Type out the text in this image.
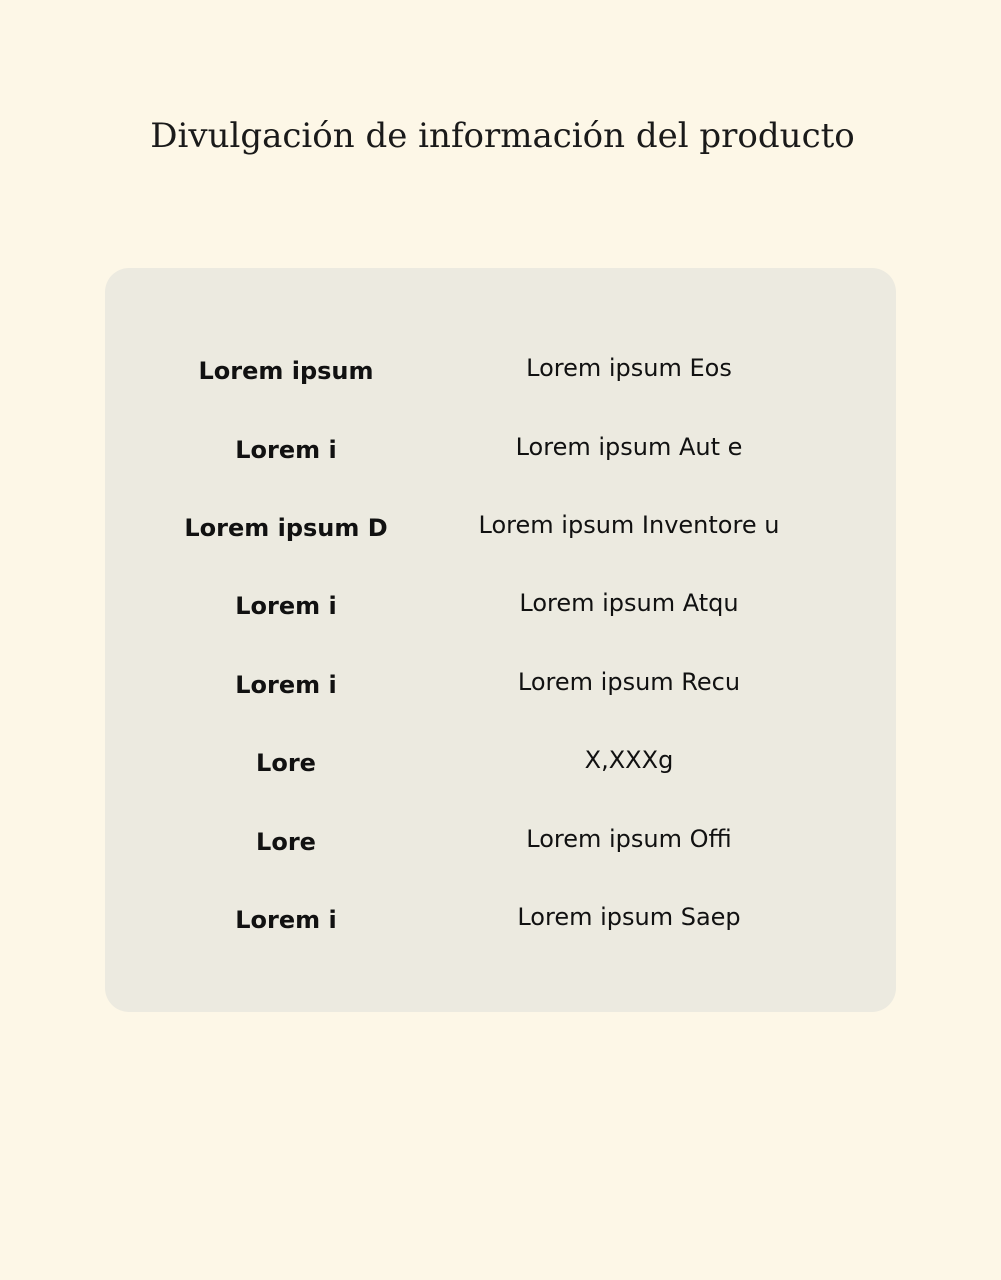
Divulgación de información del producto
Lorem ipsum	Lorem ipsum Eos
Lorem i	Lorem ipsum Aut e
Lorem ipsum D	Lorem ipsum Inventore u
Lorem i	Lorem ipsum Atqu
Lorem i	Lorem ipsum Recu
Lore	X,XXXg
Lore	Lorem ipsum Offi
Lorem i	Lorem ipsum Saep
